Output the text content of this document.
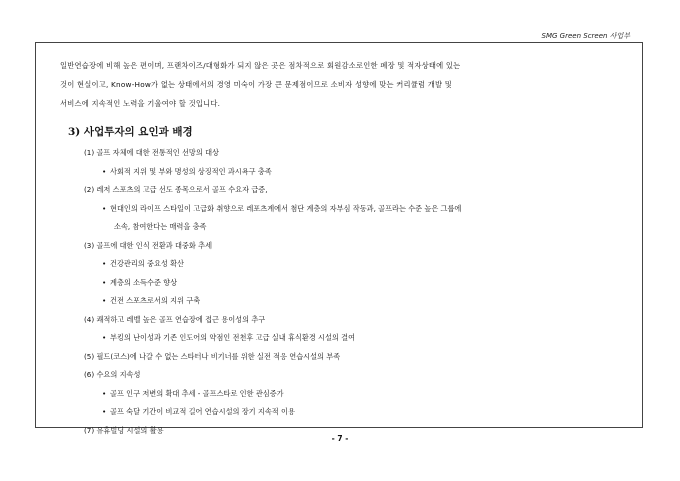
SMG Green Screen 사업부

일반연습장에 비해 높은 편이며, 프랜차이즈/대형화가 되지 않은 곳은 점차적으로 회원감소로인한 폐장 및 적자상태에 있는

것이 현실이고, Know-How가 없는 상태에서의 경영 미숙이 가장 큰 문제점이므로 소비자 성향에 맞는 커리큘럼 개발 및

서비스에 지속적인 노력을 기울여야 할 것입니다.

3) 사업투자의 요인과 배경
(1) 골프 자체에 대한 전통적인 선망의 대상
• 사회적 지위 및 부와 명성의 상징적인 과시욕구 충족
(2) 레저 스포츠의 고급 선도 종목으로서 골프 수요자 급증,
• 현대인의 라이프 스타일이 고급화 취향으로 레포츠계에서 첨단 계층의 자부심 작동과, 골프라는 수준 높은 그룹에
소속, 참여한다는 매력을 충족
(3) 골프에 대한 인식 전환과 대중화 추세
• 건강관리의 중요성 확산
• 계층의 소득수준 향상
• 건전 스포츠로서의 지위 구축
(4) 쾌적하고 레벨 높은 골프 연습장에 접근 용이성의 추구
• 부킹의 난이성과 기존 인도어의 약점인 전천후 고급 실내 휴식환경 시설의 결여
(5) 필드(코스)에 나갈 수 없는 스타터나 비기너를 위한 실전 적응 연습시설의 부족
(6) 수요의 지속성
• 골프 인구 저변의 확대 추세 - 골프스타로 인한 관심증가
• 골프 숙달 기간이 비교적 길어 연습시설의 장기 지속적 이용
(7) 유휴빌딩 시설의 활용
- 7 -
